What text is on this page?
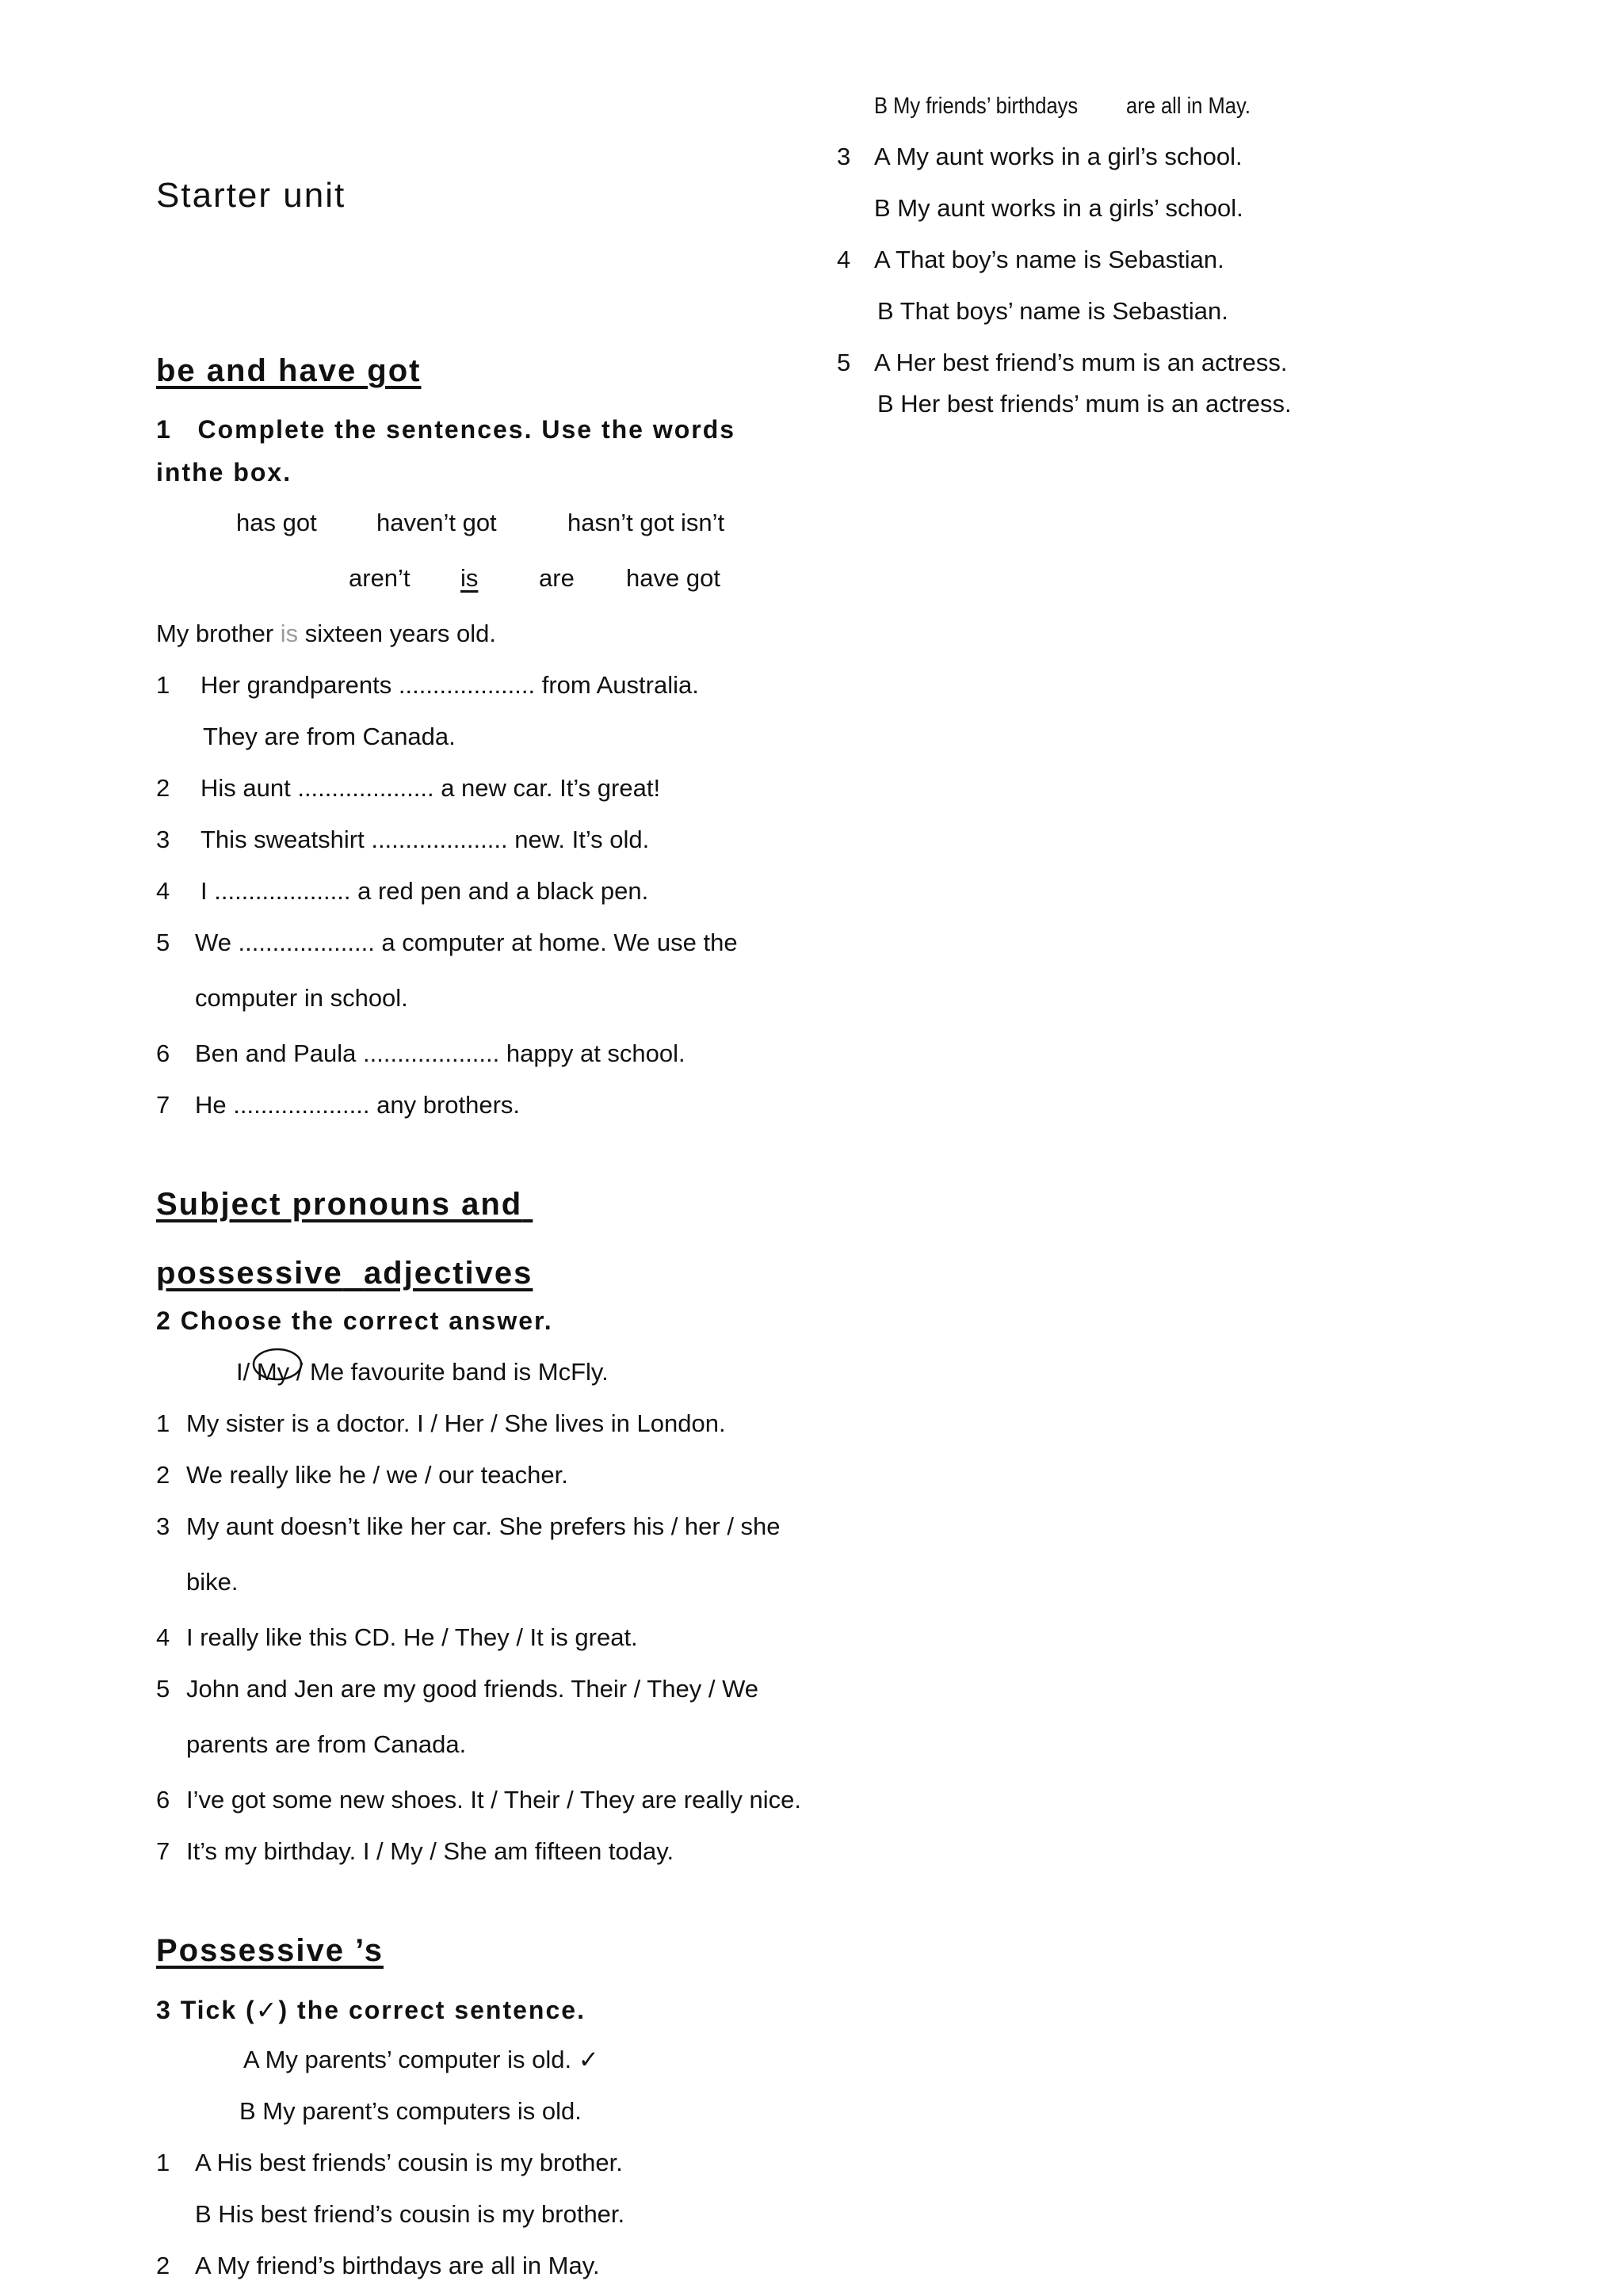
Starter unit
be and have got
1 Complete the sentences. Use the words inthe box.
has got haven’t got	hasn’t got isn’t
aren’t is are have got
My brother is sixteen years old.
1 Her grandparents .................... from Australia.
They are from Canada.
2 His aunt .................... a new car. It’s great!
3 This sweatshirt .................... new. It’s old.
4 I .................... a red pen and a black pen.
5 We .................... a computer at home. We use the
computer in school.
6 Ben and Paula .................... happy at school.
7 He .................... any brothers.
Subject pronouns and
possessive adjectives
2 Choose the correct answer.
I/ My
/ Me favourite band is McFly.
1 My sister is a doctor. I / Her / She lives in London.
2 We really like he / we / our teacher.
3 My aunt doesn’t like her car. She prefers his / her / she
bike.
4 I really like this CD. He / They / It is great.
5 John and Jen are my good friends. Their / They / We
parents are from Canada.
6 I’ve got some new shoes. It / Their / They are really nice.
7 It’s my birthday. I / My / She am fifteen today.
Possessive ’s
3 Tick (✓) the correct sentence.
A My parents’ computer is old. ✓
B My parent’s computers is old.
1 A His best friends’ cousin is my brother.
B His best friend’s cousin is my brother.
2 A My friend’s birthdays are all in May.
B My friends’ birthdays are all in May.
3 A My aunt works in a girl’s school.
B My aunt works in a girls’ school.
4 A That boy’s name is Sebastian.
B That boys’ name is Sebastian.
5 A Her best friend’s mum is an actress.
B Her best friends’ mum is an actress.
